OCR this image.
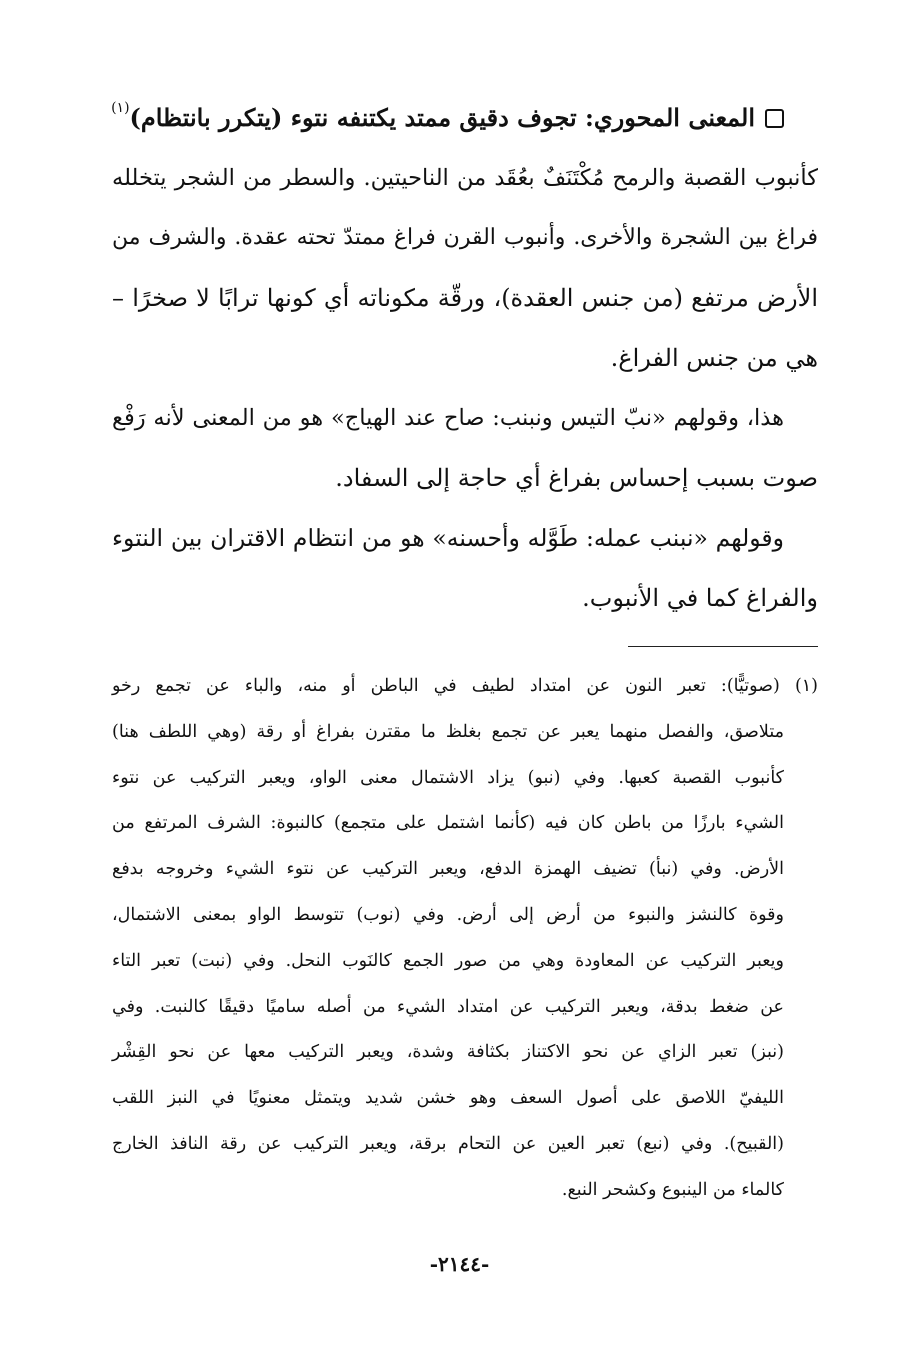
المعنى المحوري: تجوف دقيق ممتد يكتنفه نتوء (يتكرر بانتظام)$^{(١)}$
كأنبوب القصبة والرمح مُكْتَنَفٌ بعُقَد من الناحيتين. والسطر من الشجر يتخلله
فراغ بين الشجرة والأخرى. وأنبوب القرن فراغ ممتدّ تحته عقدة. والشرف من
الأرض مرتفع (من جنس العقدة)، ورقّة مكوناته أي كونها ترابًا لا صخرًا –
هي من جنس الفراغ.
هذا، وقولهم «نبّ التيس ونبنب: صاح عند الهياج» هو من المعنى لأنه رَفْع
صوت بسبب إحساس بفراغ أي حاجة إلى السفاد.
وقولهم «نبنب عمله: طَوَّله وأحسنه» هو من انتظام الاقتران بين النتوء
والفراغ كما في الأنبوب.
(١) (صوتيًّا): تعبر النون عن امتداد لطيف في الباطن أو منه، والباء عن تجمع رخو
متلاصق، والفصل منهما يعبر عن تجمع بغلظ ما مقترن بفراغ أو رقة (وهي اللطف هنا)
كأنبوب القصبة كعبها. وفي (نبو) يزاد الاشتمال معنى الواو، ويعبر التركيب عن نتوء
الشيء بارزًا من باطن كان فيه (كأنما اشتمل على متجمع) كالنبوة: الشرف المرتفع من
الأرض. وفي (نبأ) تضيف الهمزة الدفع، ويعبر التركيب عن نتوء الشيء وخروجه بدفع
وقوة كالنشز والنبوء من أرض إلى أرض. وفي (نوب) تتوسط الواو بمعنى الاشتمال،
ويعبر التركيب عن المعاودة وهي من صور الجمع كالنَوب النحل. وفي (نبت) تعبر التاء
عن ضغط بدقة، ويعبر التركيب عن امتداد الشيء من أصله ساميًا دقيقًا كالنبت. وفي
(نبز) تعبر الزاي عن نحو الاكتناز بكثافة وشدة، ويعبر التركيب معها عن نحو القِشْر
الليفيّ اللاصق على أصول السعف وهو خشن شديد ويتمثل معنويًا في النبز اللقب
(القبيح). وفي (نبع) تعبر العين عن التحام برقة، ويعبر التركيب عن رقة النافذ الخارج
كالماء من الينبوع وكشحر النبع.
-٢١٤٤-
